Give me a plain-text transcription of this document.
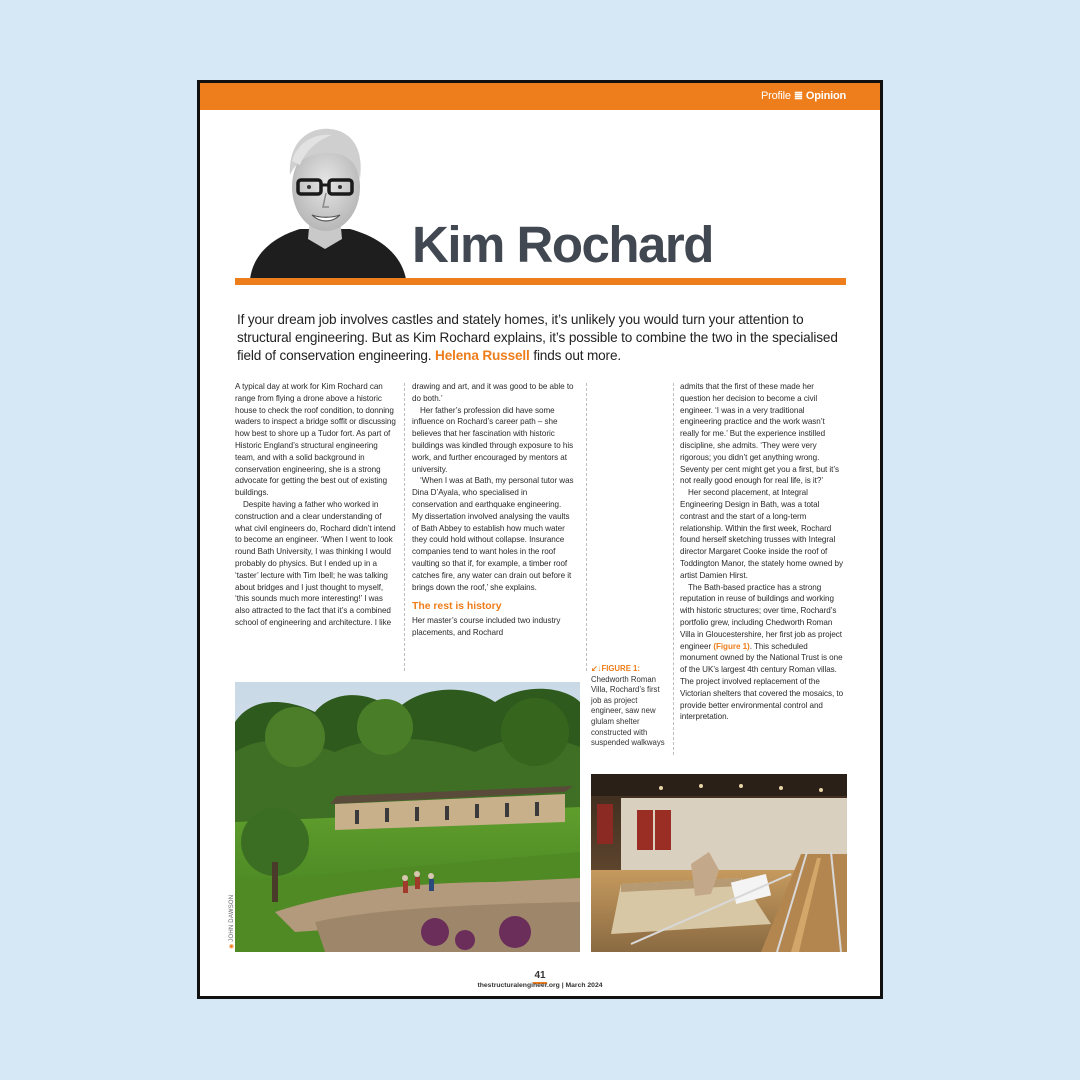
Profile ≣ Opinion
Kim Rochard

If your dream job involves castles and stately homes, it’s unlikely you would turn your attention to structural engineering. But as Kim Rochard explains, it’s possible to combine the two in the specialised field of conservation engineering. Helena Russell finds out more.

A typical day at work for Kim Rochard can range from flying a drone above a historic house to check the roof condition, to donning waders to inspect a bridge soffit or discussing how best to shore up a Tudor fort. As part of Historic England’s structural engineering team, and with a solid background in conservation engineering, she is a strong advocate for getting the best out of existing buildings.

Despite having a father who worked in construction and a clear understanding of what civil engineers do, Rochard didn’t intend to become an engineer. ‘When I went to look round Bath University, I was thinking I would probably do physics. But I ended up in a ‘taster’ lecture with Tim Ibell; he was talking about bridges and I just thought to myself, ‘this sounds much more interesting!’ I was also attracted to the fact that it’s a combined school of engineering and architecture. I like

drawing and art, and it was good to be able to do both.’

Her father’s profession did have some influence on Rochard’s career path – she believes that her fascination with historic buildings was kindled through exposure to his work, and further encouraged by mentors at university.

‘When I was at Bath, my personal tutor was Dina D’Ayala, who specialised in conservation and earthquake engineering. My dissertation involved analysing the vaults of Bath Abbey to establish how much water they could hold without collapse. Insurance companies tend to want holes in the roof vaulting so that if, for example, a timber roof catches fire, any water can drain out before it brings down the roof,’ she explains.

The rest is history

Her master’s course included two industry placements, and Rochard

admits that the first of these made her question her decision to become a civil engineer. ‘I was in a very traditional engineering practice and the work wasn’t really for me.’ But the experience instilled discipline, she admits. ‘They were very rigorous; you didn’t get anything wrong. Seventy per cent might get you a first, but it’s not really good enough for real life, is it?’

Her second placement, at Integral Engineering Design in Bath, was a total contrast and the start of a long-term relationship. Within the first week, Rochard found herself sketching trusses with Integral director Margaret Cooke inside the roof of Toddington Manor, the stately home owned by artist Damien Hirst.

The Bath-based practice has a strong reputation in reuse of buildings and working with historic structures; over time, Rochard’s portfolio grew, including Chedworth Roman Villa in Gloucestershire, her first job as project engineer (Figure 1). This scheduled monument owned by the National Trust is one of the UK’s largest 4th century Roman villas. The project involved replacement of the Victorian shelters that covered the mosaics, to provide better environmental control and interpretation.

↙↓FIGURE 1:
Chedworth Roman Villa, Rochard’s first job as project engineer, saw new glulam shelter constructed with suspended walkways
◉ JOHN DAWSON
41
thestructuralengineer.org | March 2024
